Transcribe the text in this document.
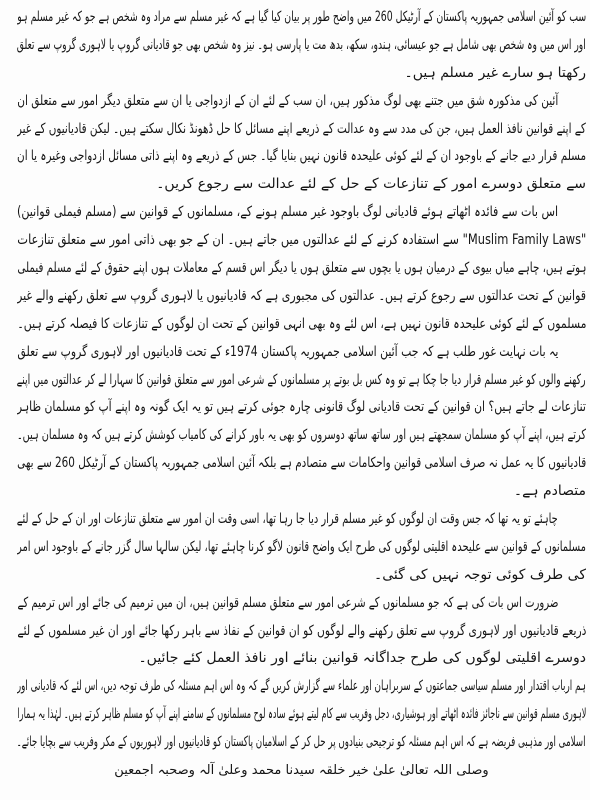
سب کو آئین اسلامی جمہوریہ پاکستان کے آرٹیکل 260 میں واضح طور پر بیان کیا گیا ہے کہ غیر مسلم سے مراد وہ شخص ہے جو کہ غیر مسلم ہو
اور اس میں وہ شخص بھی شامل ہے جو عیسائی، ہندو، سکھ، بدھ مت یا پارسی ہو۔ نیز وہ شخص بھی جو قادیانی گروپ یا لاہوری گروپ سے تعلق
رکھتا ہو سارے غیر مسلم ہیں۔
آئین کی مذکورہ شق میں جتنے بھی لوگ مذکور ہیں، ان سب کے لئے ان کے ازدواجی یا ان سے متعلق دیگر امور سے متعلق ان
کے اپنے قوانین نافذ العمل ہیں، جن کی مدد سے وہ عدالت کے ذریعے اپنے مسائل کا حل ڈھونڈ نکال سکتے ہیں۔ لیکن قادیانیوں کے غیر
مسلم قرار دیے جانے کے باوجود ان کے لئے کوئی علیحدہ قانون نہیں بنایا گیا۔ جس کے ذریعے وہ اپنے ذاتی مسائل ازدواجی وغیرہ یا ان
سے متعلق دوسرے امور کے تنازعات کے حل کے لئے عدالت سے رجوع کریں۔
اس بات سے فائدہ اٹھاتے ہوئے قادیانی لوگ باوجود غیر مسلم ہونے کے، مسلمانوں کے قوانین سے (مسلم فیملی قوانین)
"Muslim Family Laws" سے استفادہ کرنے کے لئے عدالتوں میں جاتے ہیں۔ ان کے جو بھی ذاتی امور سے متعلق تنازعات
ہوتے ہیں، چاہے میاں بیوی کے درمیان ہوں یا بچوں سے متعلق ہوں یا دیگر اس قسم کے معاملات ہوں اپنے حقوق کے لئے مسلم فیملی
قوانین کے تحت عدالتوں سے رجوع کرتے ہیں۔ عدالتوں کی مجبوری ہے کہ قادیانیوں یا لاہوری گروپ سے تعلق رکھنے والے غیر
مسلموں کے لئے کوئی علیحدہ قانون نہیں ہے، اس لئے وہ بھی انہی قوانین کے تحت ان لوگوں کے تنازعات کا فیصلہ کرتے ہیں۔
یہ بات نہایت غور طلب ہے کہ جب آئین اسلامی جمہوریہ پاکستان 1974ء کے تحت قادیانیوں اور لاہوری گروپ سے تعلق
رکھنے والوں کو غیر مسلم قرار دیا جا چکا ہے تو وہ کس بل بوتے پر مسلمانوں کے شرعی امور سے متعلق قوانین کا سہارا لے کر عدالتوں میں اپنے
تنازعات لے جاتے ہیں؟ ان قوانین کے تحت قادیانی لوگ قانونی چارہ جوئی کرتے ہیں تو یہ ایک گونہ وہ اپنے آپ کو مسلمان ظاہر
کرتے ہیں، اپنے آپ کو مسلمان سمجھتے ہیں اور ساتھ ساتھ دوسروں کو بھی یہ باور کرانے کی کامیاب کوشش کرتے ہیں کہ وہ مسلمان ہیں۔
قادیانیوں کا یہ عمل نہ صرف اسلامی قوانین واحکامات سے متصادم ہے بلکہ آئین اسلامی جمہوریہ پاکستان کے آرٹیکل 260 سے بھی
متصادم ہے۔
چاہئے تو یہ تھا کہ جس وقت ان لوگوں کو غیر مسلم قرار دیا جا رہا تھا، اسی وقت ان امور سے متعلق تنازعات اور ان کے حل کے لئے
مسلمانوں کے قوانین سے علیحدہ اقلیتی لوگوں کی طرح ایک واضح قانون لاگو کرنا چاہئے تھا، لیکن سالہا سال گزر جانے کے باوجود اس امر
کی طرف کوئی توجہ نہیں کی گئی۔
ضرورت اس بات کی ہے کہ جو مسلمانوں کے شرعی امور سے متعلق مسلم قوانین ہیں، ان میں ترمیم کی جائے اور اس ترمیم کے
ذریعے قادیانیوں اور لاہوری گروپ سے تعلق رکھنے والے لوگوں کو ان قوانین کے نفاذ سے باہر رکھا جائے اور ان غیر مسلموں کے لئے
دوسرے اقلیتی لوگوں کی طرح جداگانہ قوانین بنائے اور نافذ العمل کئے جائیں۔
ہم ارباب اقتدار اور مسلم سیاسی جماعتوں کے سربراہان اور علماء سے گزارش کریں گے کہ وہ اس اہم مسئلہ کی طرف توجہ دیں، اس لئے کہ قادیانی اور
لاہوری مسلم قوانین سے ناجائز فائدہ اٹھاتے اور ہوشیاری، دجل وفریب سے کام لیتے ہوئے سادہ لوح مسلمانوں کے سامنے اپنے آپ کو مسلم ظاہر کرتے ہیں۔ لہٰذا یہ ہمارا
اسلامی اور مذہبی فریضہ ہے کہ اس اہم مسئلہ کو ترجیحی بنیادوں پر حل کر کے اسلامیان پاکستان کو قادیانیوں اور لاہوریوں کے مکر وفریب سے بچایا جائے۔
وصلی اللہ تعالیٰ علیٰ خیر خلقہ سیدنا محمد وعلیٰ آلہ وصحبہ اجمعین
